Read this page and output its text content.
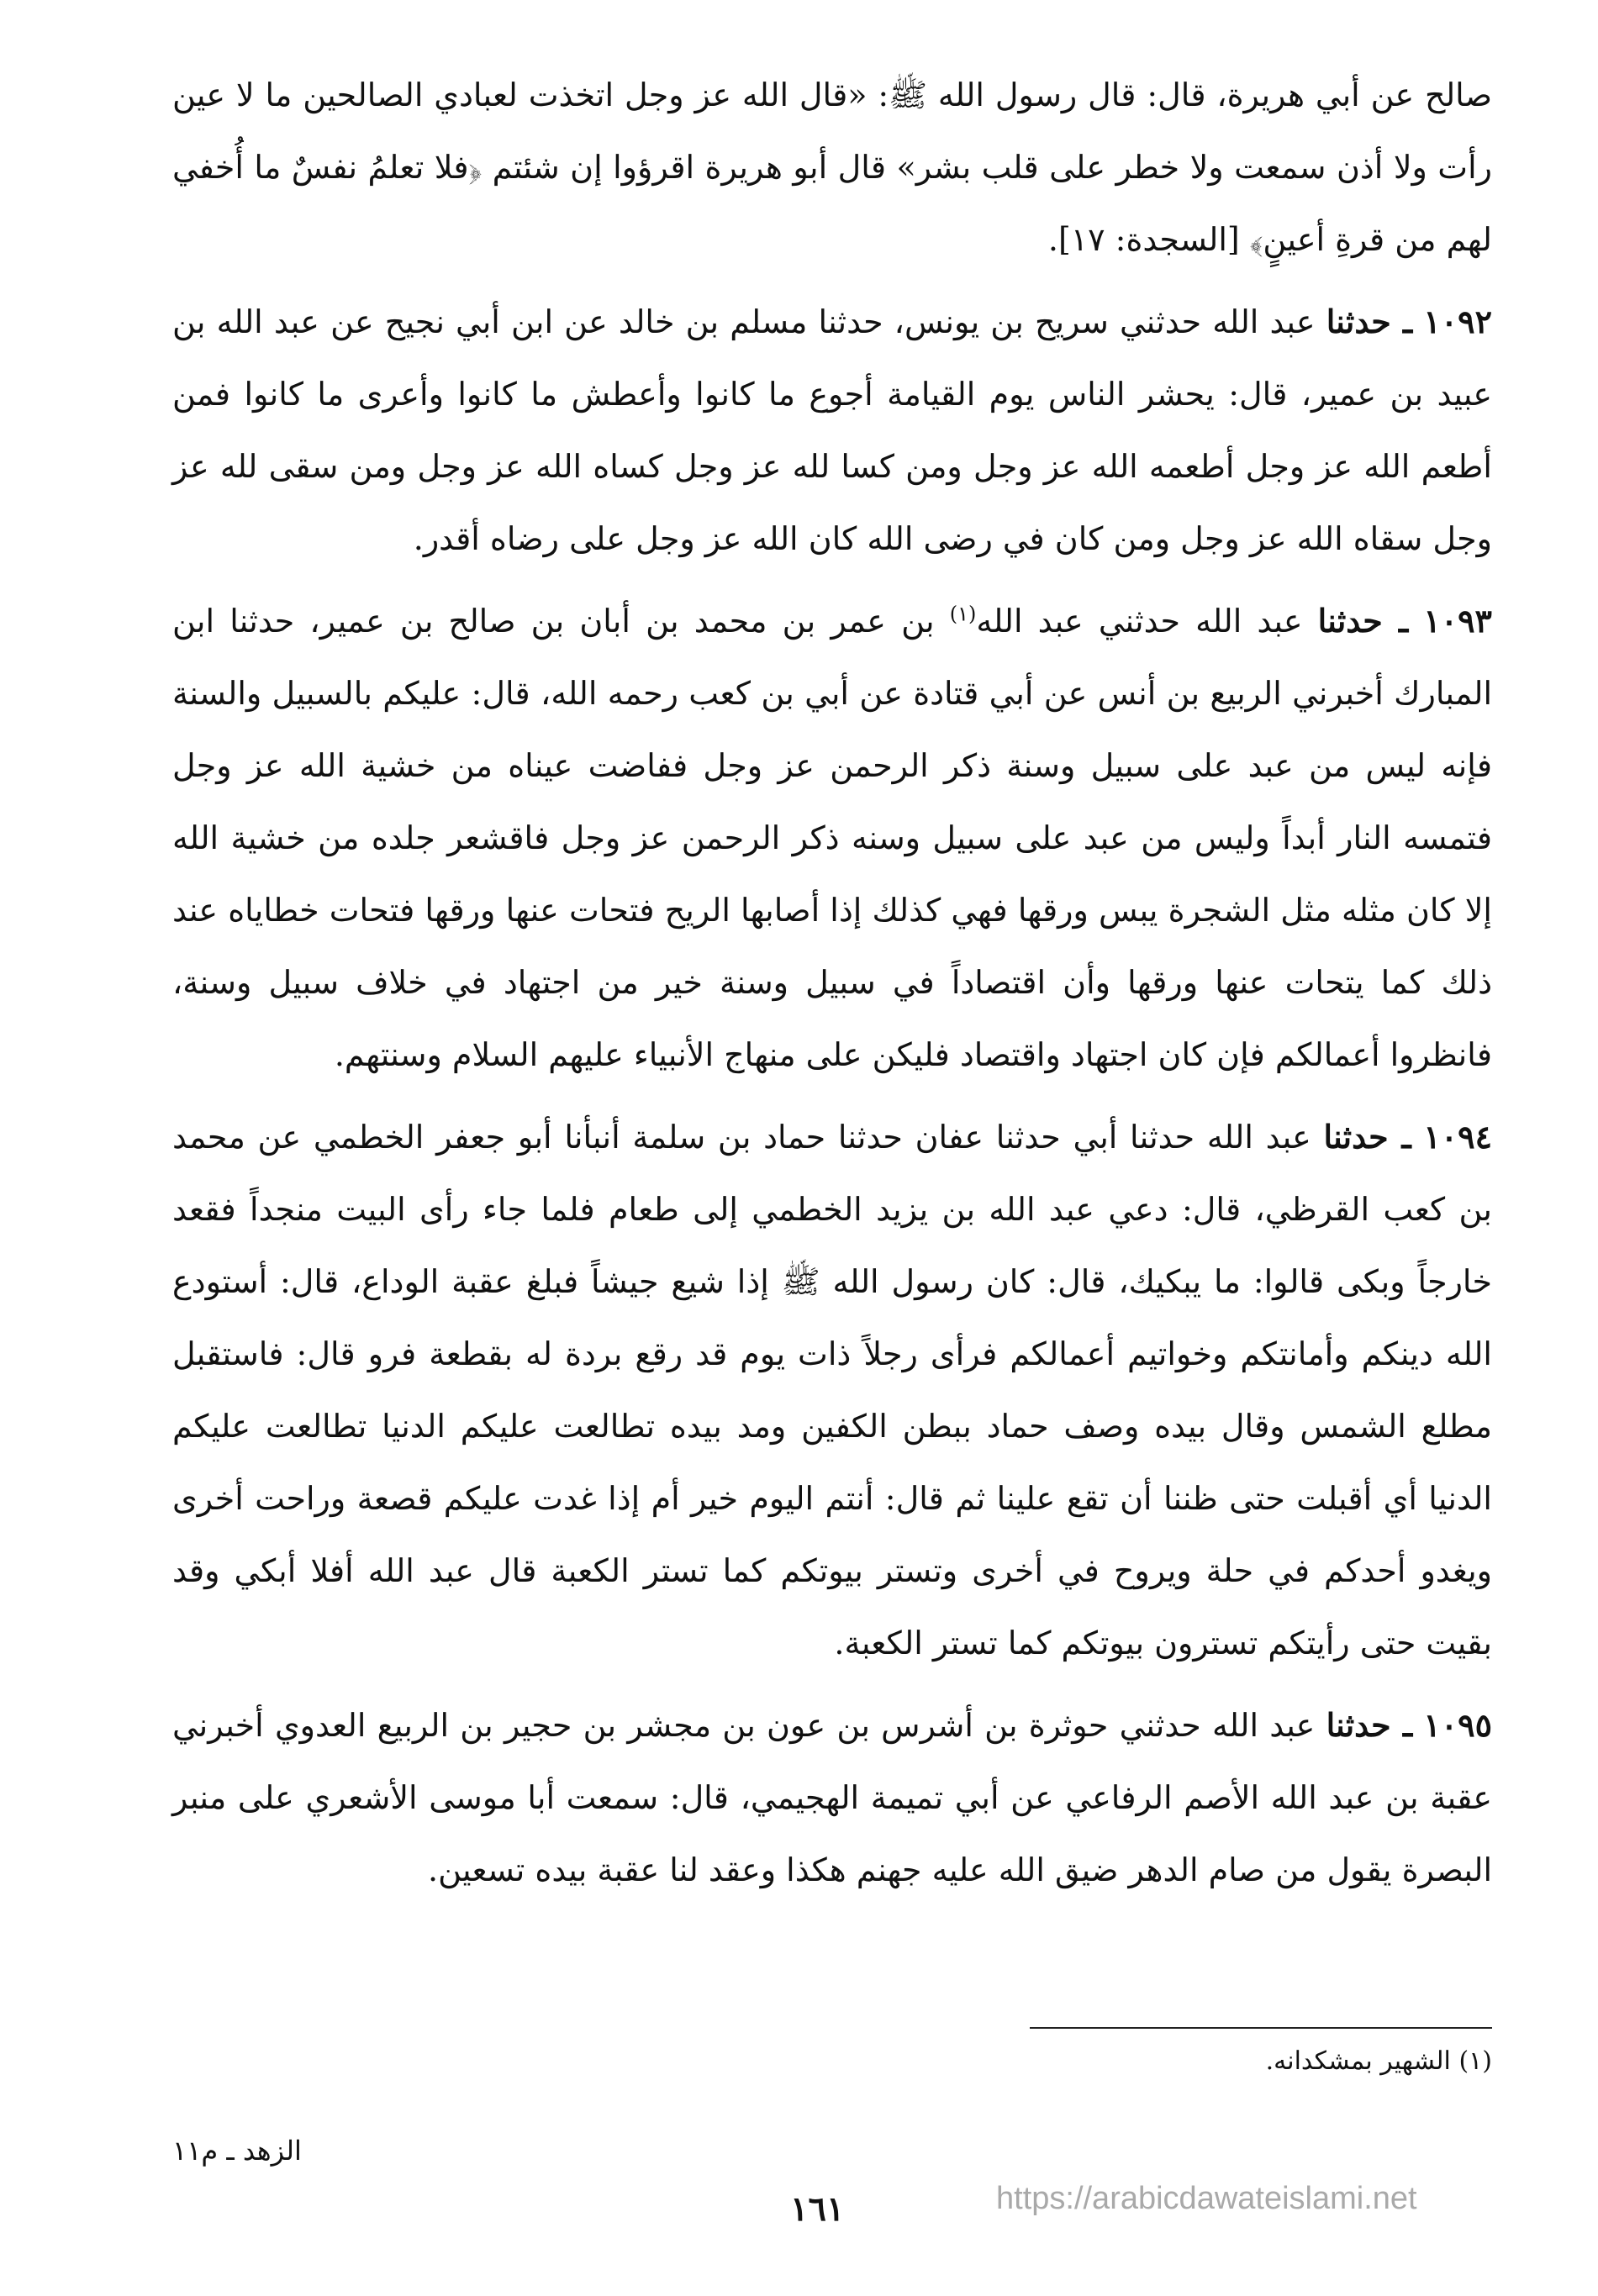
صالح عن أبي هريرة، قال: قال رسول الله ﷺ: «قال الله عز وجل اتخذت لعبادي الصالحين ما لا عين رأت ولا أذن سمعت ولا خطر على قلب بشر» قال أبو هريرة اقرؤوا إن شئتم ﴿فلا تعلمُ نفسٌ ما أُخفي لهم من قرةِ أعينٍ﴾ [السجدة: ١٧].

١٠٩٢ ـ حدثنا عبد الله حدثني سريح بن يونس، حدثنا مسلم بن خالد عن ابن أبي نجيح عن عبد الله بن عبيد بن عمير، قال: يحشر الناس يوم القيامة أجوع ما كانوا وأعطش ما كانوا وأعرى ما كانوا فمن أطعم الله عز وجل أطعمه الله عز وجل ومن كسا لله عز وجل كساه الله عز وجل ومن سقى لله عز وجل سقاه الله عز وجل ومن كان في رضى الله كان الله عز وجل على رضاه أقدر.

١٠٩٣ ـ حدثنا عبد الله حدثني عبد الله$^{(١)}$ بن عمر بن محمد بن أبان بن صالح بن عمير، حدثنا ابن المبارك أخبرني الربيع بن أنس عن أبي قتادة عن أبي بن كعب رحمه الله، قال: عليكم بالسبيل والسنة فإنه ليس من عبد على سبيل وسنة ذكر الرحمن عز وجل ففاضت عيناه من خشية الله عز وجل فتمسه النار أبداً وليس من عبد على سبيل وسنه ذكر الرحمن عز وجل فاقشعر جلده من خشية الله إلا كان مثله مثل الشجرة يبس ورقها فهي كذلك إذا أصابها الريح فتحات عنها ورقها فتحات خطاياه عند ذلك كما يتحات عنها ورقها وأن اقتصاداً في سبيل وسنة خير من اجتهاد في خلاف سبيل وسنة، فانظروا أعمالكم فإن كان اجتهاد واقتصاد فليكن على منهاج الأنبياء عليهم السلام وسنتهم.

١٠٩٤ ـ حدثنا عبد الله حدثنا أبي حدثنا عفان حدثنا حماد بن سلمة أنبأنا أبو جعفر الخطمي عن محمد بن كعب القرظي، قال: دعي عبد الله بن يزيد الخطمي إلى طعام فلما جاء رأى البيت منجداً فقعد خارجاً وبكى قالوا: ما يبكيك، قال: كان رسول الله ﷺ إذا شيع جيشاً فبلغ عقبة الوداع، قال: أستودع الله دينكم وأمانتكم وخواتيم أعمالكم فرأى رجلاً ذات يوم قد رقع بردة له بقطعة فرو قال: فاستقبل مطلع الشمس وقال بيده وصف حماد ببطن الكفين ومد بيده تطالعت عليكم الدنيا تطالعت عليكم الدنيا أي أقبلت حتى ظننا أن تقع علينا ثم قال: أنتم اليوم خير أم إذا غدت عليكم قصعة وراحت أخرى ويغدو أحدكم في حلة ويروح في أخرى وتستر بيوتكم كما تستر الكعبة قال عبد الله أفلا أبكي وقد بقيت حتى رأيتكم تسترون بيوتكم كما تستر الكعبة.

١٠٩٥ ـ حدثنا عبد الله حدثني حوثرة بن أشرس بن عون بن مجشر بن حجير بن الربيع العدوي أخبرني عقبة بن عبد الله الأصم الرفاعي عن أبي تميمة الهجيمي، قال: سمعت أبا موسى الأشعري على منبر البصرة يقول من صام الدهر ضيق الله عليه جهنم هكذا وعقد لنا عقبة بيده تسعين.

(١) الشهير بمشكدانه.
الزهد ـ م١١
١٦١	https://arabicdawateislami.net
